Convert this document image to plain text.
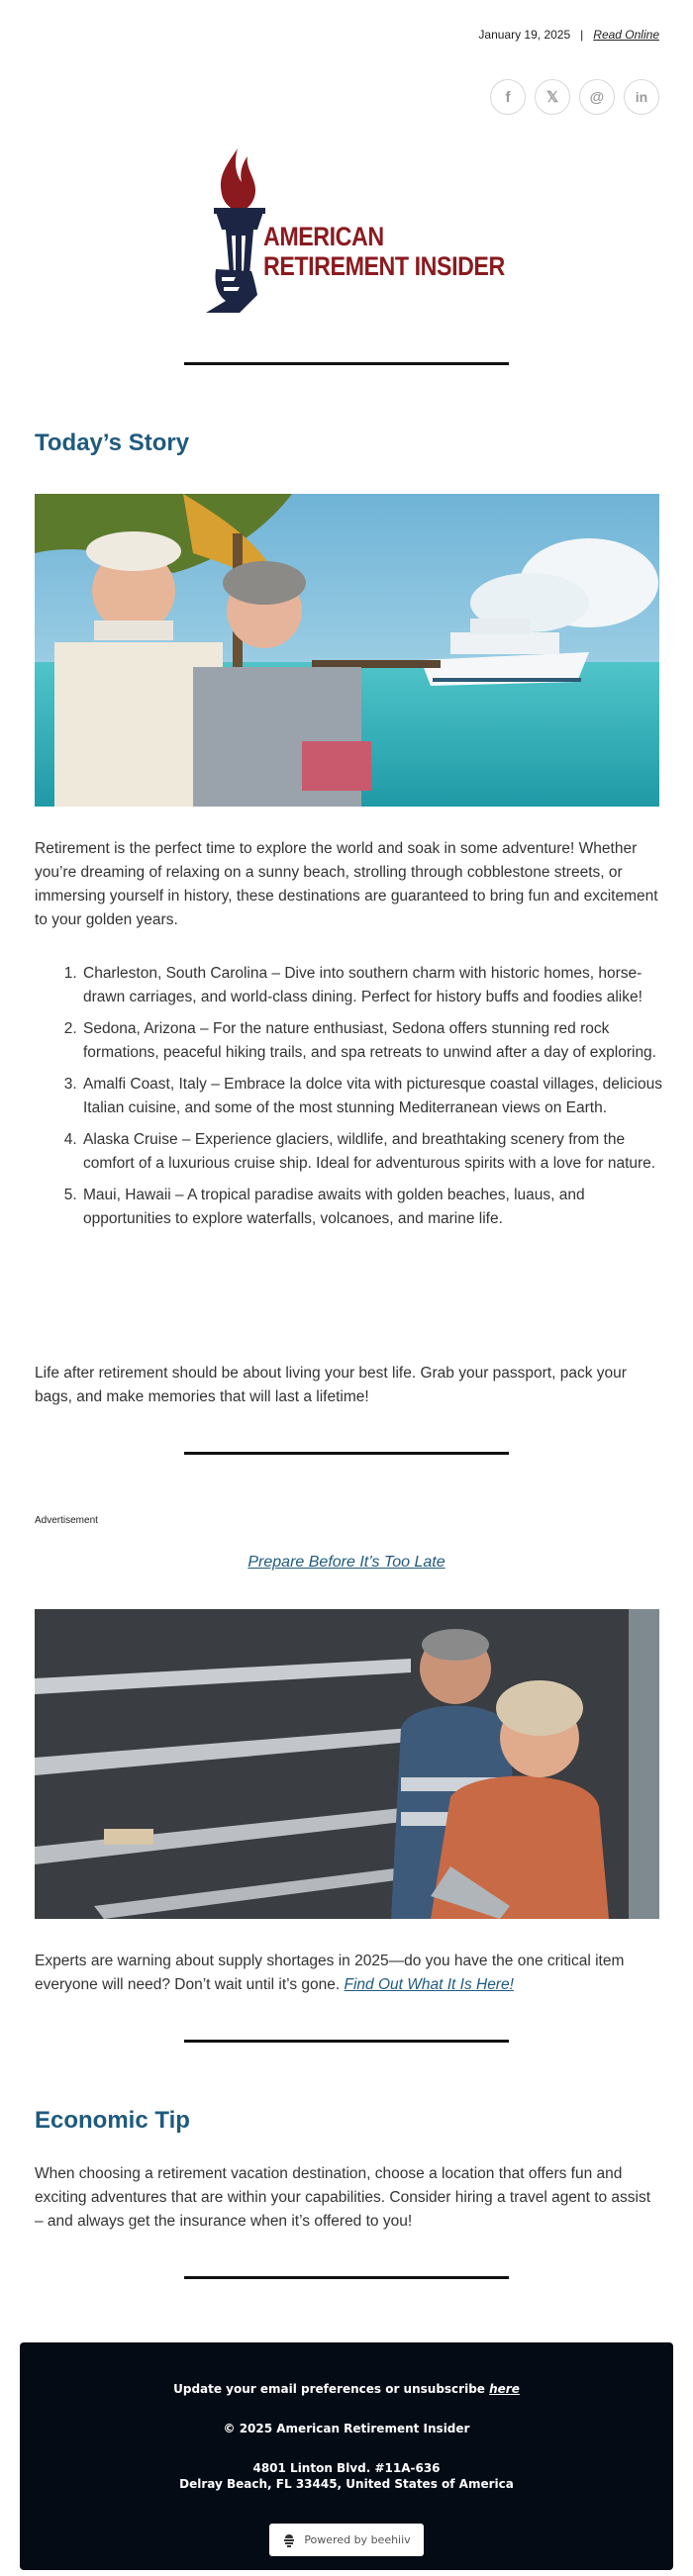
January 19, 2025 | Read Online
f	𝕏	@	in
AMERICAN
RETIREMENT INSIDER
Today’s Story

Retirement is the perfect time to explore the world and soak in some adventure! Whether you’re dreaming of relaxing on a sunny beach, strolling through cobblestone streets, or immersing yourself in history, these destinations are guaranteed to bring fun and excitement to your golden years.

1. Charleston, South Carolina – Dive into southern charm with historic homes, horse-drawn carriages, and world-class dining. Perfect for history buffs and foodies alike!
2. Sedona, Arizona – For the nature enthusiast, Sedona offers stunning red rock formations, peaceful hiking trails, and spa retreats to unwind after a day of exploring.
3. Amalfi Coast, Italy – Embrace la dolce vita with picturesque coastal villages, delicious Italian cuisine, and some of the most stunning Mediterranean views on Earth.
4. Alaska Cruise – Experience glaciers, wildlife, and breathtaking scenery from the comfort of a luxurious cruise ship. Ideal for adventurous spirits with a love for nature.
5. Maui, Hawaii – A tropical paradise awaits with golden beaches, luaus, and opportunities to explore waterfalls, volcanoes, and marine life.

Life after retirement should be about living your best life. Grab your passport, pack your bags, and make memories that will last a lifetime!

Advertisement
Prepare Before It’s Too Late

Experts are warning about supply shortages in 2025—do you have the one critical item everyone will need? Don’t wait until it’s gone. Find Out What It Is Here!

Economic Tip

When choosing a retirement vacation destination, choose a location that offers fun and exciting adventures that are within your capabilities. Consider hiring a travel agent to assist – and always get the insurance when it’s offered to you!

Update your email preferences or unsubscribe here
© 2025 American Retirement Insider
4801 Linton Blvd. #11A-636
Delray Beach, FL 33445, United States of America
Powered by beehiiv
